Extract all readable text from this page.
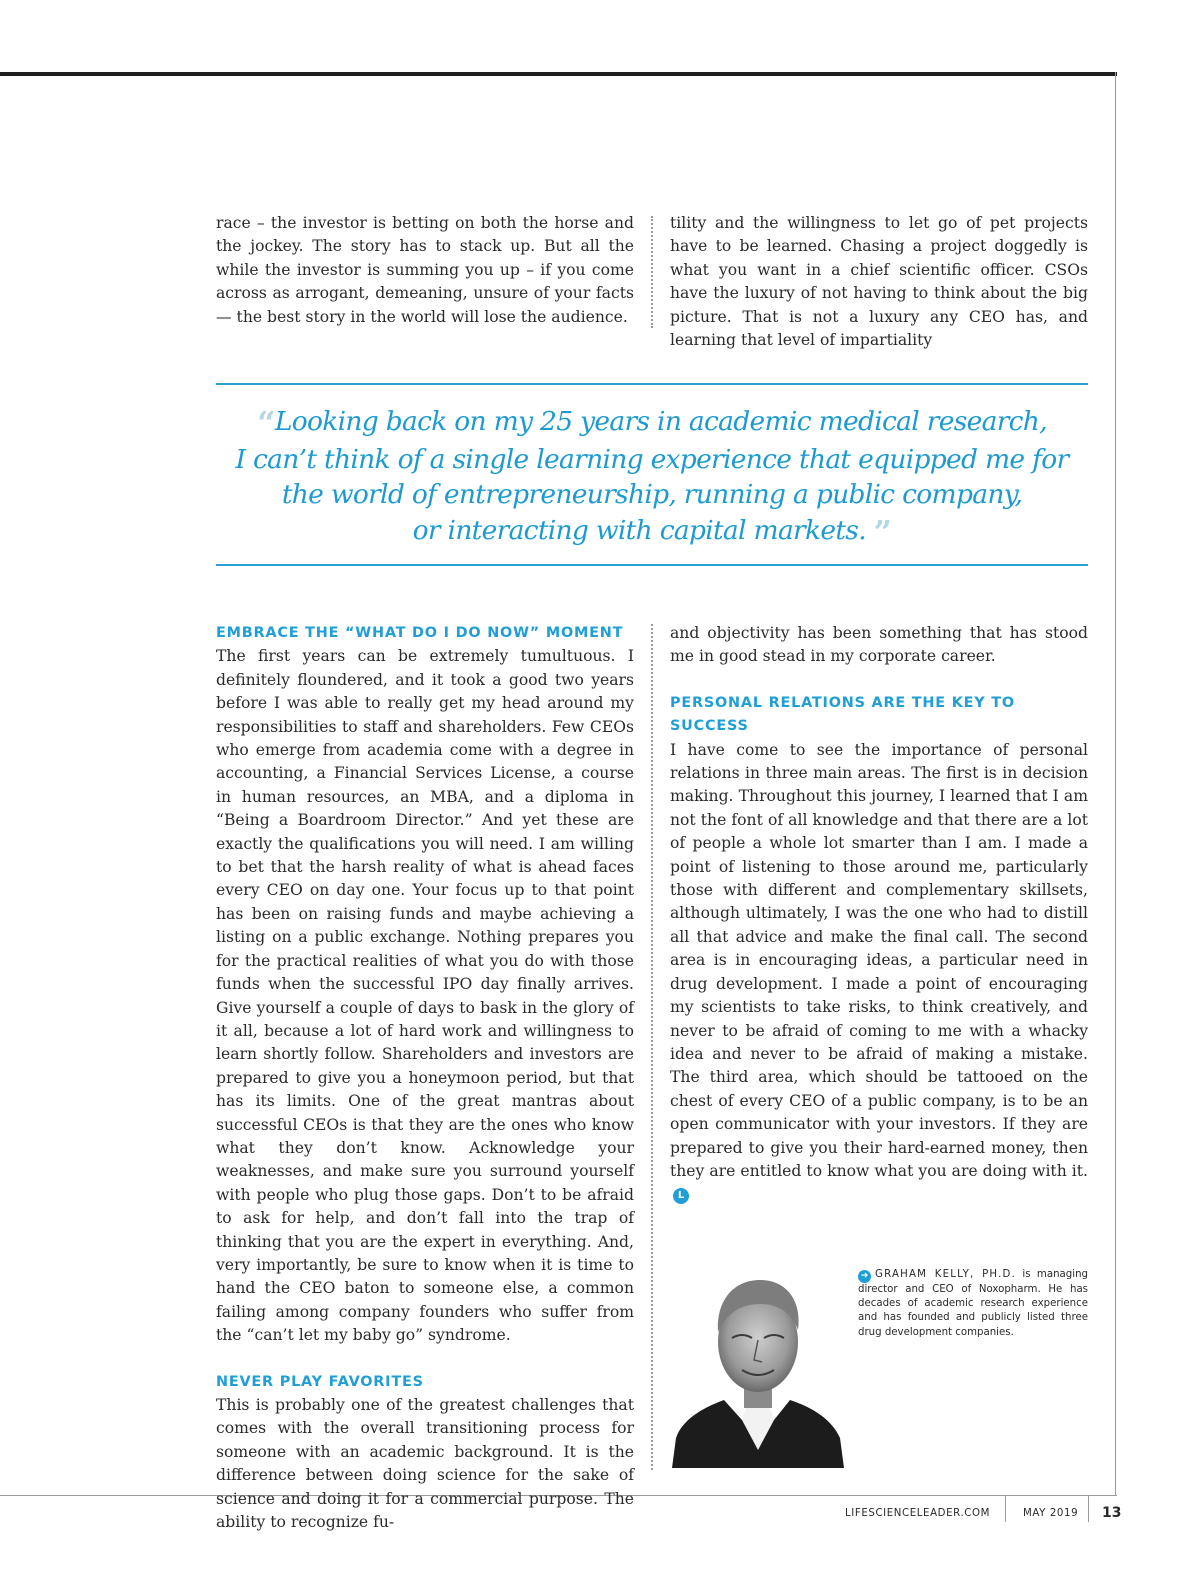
race – the investor is betting on both the horse and the jockey. The story has to stack up. But all the while the investor is summing you up – if you come across as arrogant, demeaning, unsure of your facts — the best story in the world will lose the audience.

tility and the willingness to let go of pet projects have to be learned. Chasing a project doggedly is what you want in a chief scientific officer. CSOs have the luxury of not having to think about the big picture. That is not a luxury any CEO has, and learning that level of impartiality

“Looking back on my 25 years in academic medical research,
I can’t think of a single learning experience that equipped me for
the world of entrepreneurship, running a public company,
or interacting with capital markets. ”
EMBRACE THE “WHAT DO I DO NOW” MOMENT

The first years can be extremely tumultuous. I definitely floundered, and it took a good two years before I was able to really get my head around my responsibilities to staff and shareholders. Few CEOs who emerge from academia come with a degree in accounting, a Financial Services License, a course in human resources, an MBA, and a diploma in “Being a Boardroom Director.” And yet these are exactly the qualifications you will need. I am willing to bet that the harsh reality of what is ahead faces every CEO on day one. Your focus up to that point has been on raising funds and maybe achieving a listing on a public exchange. Nothing prepares you for the practical realities of what you do with those funds when the successful IPO day finally arrives. Give yourself a couple of days to bask in the glory of it all, because a lot of hard work and willingness to learn shortly follow. Shareholders and investors are prepared to give you a honeymoon period, but that has its limits. One of the great mantras about successful CEOs is that they are the ones who know what they don’t know. Acknowledge your weaknesses, and make sure you surround yourself with people who plug those gaps. Don’t to be afraid to ask for help, and don’t fall into the trap of thinking that you are the expert in everything. And, very importantly, be sure to know when it is time to hand the CEO baton to someone else, a common failing among company founders who suffer from the “can’t let my baby go” syndrome.

NEVER PLAY FAVORITES

This is probably one of the greatest challenges that comes with the overall transitioning process for someone with an academic background. It is the difference between doing science for the sake of science and doing it for a commercial purpose. The ability to recognize fu-

and objectivity has been something that has stood me in good stead in my corporate career.

PERSONAL RELATIONS ARE THE KEY TO SUCCESS

I have come to see the importance of personal relations in three main areas. The first is in decision making. Throughout this journey, I learned that I am not the font of all knowledge and that there are a lot of people a whole lot smarter than I am. I made a point of listening to those around me, particularly those with different and complementary skillsets, although ultimately, I was the one who had to distill all that advice and make the final call. The second area is in encouraging ideas, a particular need in drug development. I made a point of encouraging my scientists to take risks, to think creatively, and never to be afraid of coming to me with a whacky idea and never to be afraid of making a mistake. The third area, which should be tattooed on the chest of every CEO of a public company, is to be an open communicator with your investors. If they are prepared to give you their hard-earned money, then they are entitled to know what you are doing with it.L

➜ GRAHAM KELLY, PH.D. is managing director and CEO of Noxopharm. He has decades of academic research experience and has founded and publicly listed three drug development companies.
LIFESCIENCELEADER.COM	MAY 2019 13
